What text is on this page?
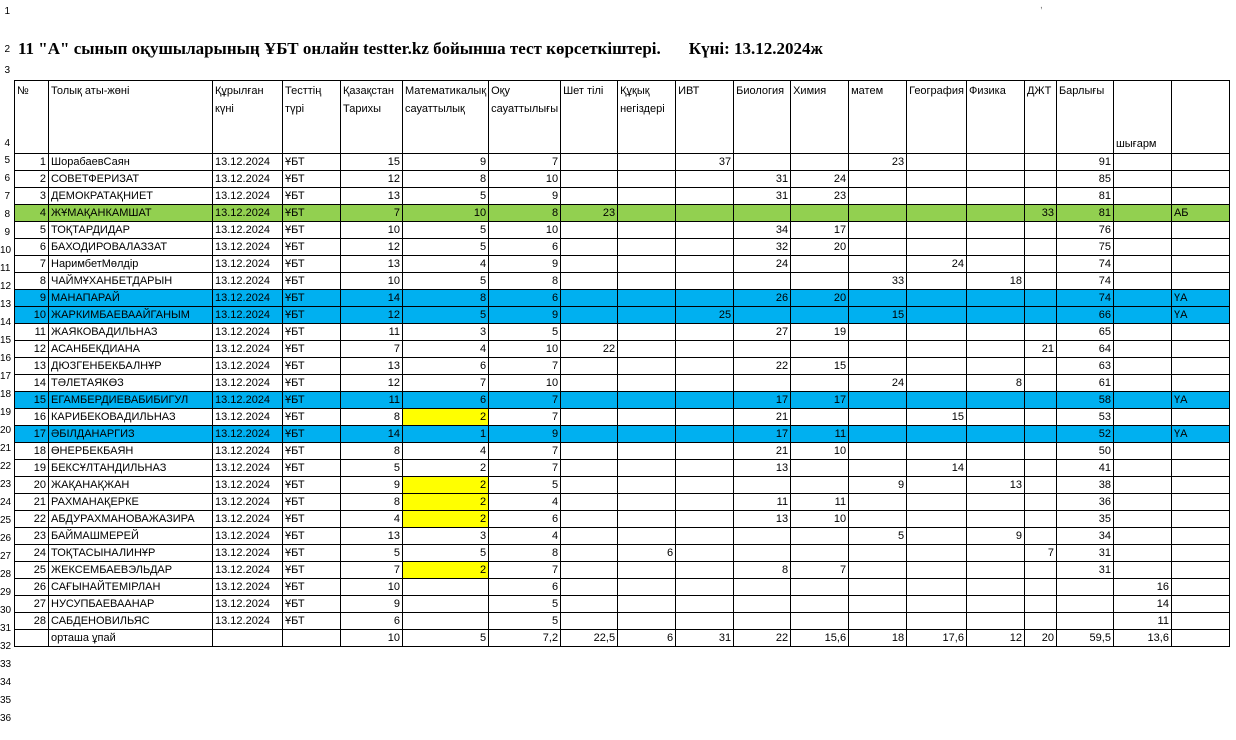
,
1
2
3
4
5
6
7
8
9
10
11
12
13
14
15
16
17
18
19
20
21
22
23
24
25
26
27
28
29
30
31
32
33
34
35
36
11 "А" сынып оқушыларының ҰБТ онлайн testter.kz бойынша тест көрсеткіштері. Күні: 13.12.2024ж
№	Толық аты-жөні	Құрылған күні	Тесттің түрі	Қазақстан Тарихы	Математикалық сауаттылық	Оқу сауаттылығы	Шет тілі	Құқық негіздері	ИВТ	Биология	Химия	матем	География	Физика	ДЖТ	Барлығы	шығарм	
1	ШорабаевСаян	13.12.2024	ҰБТ	15	9	7			37			23				91		
2	СОВЕТФЕРИЗАТ	13.12.2024	ҰБТ	12	8	10				31	24					85		
3	ДЕМОКРАТАҚНИЕТ	13.12.2024	ҰБТ	13	5	9				31	23					81		
4	ЖҰМАҚАНКАМШАТ	13.12.2024	ҰБТ	7	10	8	23								33	81		АБ
5	ТОҚТАРДИДАР	13.12.2024	ҰБТ	10	5	10				34	17					76		
6	БАХОДИРОВАЛАЗЗАТ	13.12.2024	ҰБТ	12	5	6				32	20					75		
7	НаримбетМөлдір	13.12.2024	ҰБТ	13	4	9				24			24			74		
8	ЧАЙМҰХАНБЕТДАРЫН	13.12.2024	ҰБТ	10	5	8						33		18		74		
9	МАНАПАРАЙ	13.12.2024	ҰБТ	14	8	6				26	20					74		ҮА
10	ЖАРКИМБАЕВААЙГАНЫМ	13.12.2024	ҰБТ	12	5	9			25			15				66		ҮА
11	ЖАЯКОВАДИЛЬНАЗ	13.12.2024	ҰБТ	11	3	5				27	19					65		
12	АСАНБЕКДИАНА	13.12.2024	ҰБТ	7	4	10	22								21	64		
13	ДЮЗГЕНБЕКБАЛНҰР	13.12.2024	ҰБТ	13	6	7				22	15					63		
14	ТӘЛЕТАЯКӨЗ	13.12.2024	ҰБТ	12	7	10						24		8		61		
15	ЕГАМБЕРДИЕВАБИБИГУЛ	13.12.2024	ҰБТ	11	6	7				17	17					58		ҮА
16	КАРИБЕКОВАДИЛЬНАЗ	13.12.2024	ҰБТ	8	2	7				21			15			53		
17	ӘБІЛДАНАРГИЗ	13.12.2024	ҰБТ	14	1	9				17	11					52		ҮА
18	ӨНЕРБЕКБАЯН	13.12.2024	ҰБТ	8	4	7				21	10					50		
19	БЕКСҰЛТАНДИЛЬНАЗ	13.12.2024	ҰБТ	5	2	7				13			14			41		
20	ЖАҚАНАҚЖАН	13.12.2024	ҰБТ	9	2	5						9		13		38		
21	РАХМАНАҚЕРКЕ	13.12.2024	ҰБТ	8	2	4				11	11					36		
22	АБДУРАХМАНОВАЖАЗИРА	13.12.2024	ҰБТ	4	2	6				13	10					35		
23	БАЙМАШМЕРЕЙ	13.12.2024	ҰБТ	13	3	4						5		9		34		
24	ТОҚТАСЫНАЛИНҰР	13.12.2024	ҰБТ	5	5	8		6							7	31		
25	ЖЕКСЕМБАЕВЭЛЬДАР	13.12.2024	ҰБТ	7	2	7				8	7					31		
26	САҒЫНАЙТЕМІРЛАН	13.12.2024	ҰБТ	10		6											16	
27	НУСУПБАЕВААНАР	13.12.2024	ҰБТ	9		5											14	
28	САБДЕНОВИЛЬЯС	13.12.2024	ҰБТ	6		5											11	
	орташа ұпай			10	5	7,2	22,5	6	31	22	15,6	18	17,6	12	20	59,5	13,6	
